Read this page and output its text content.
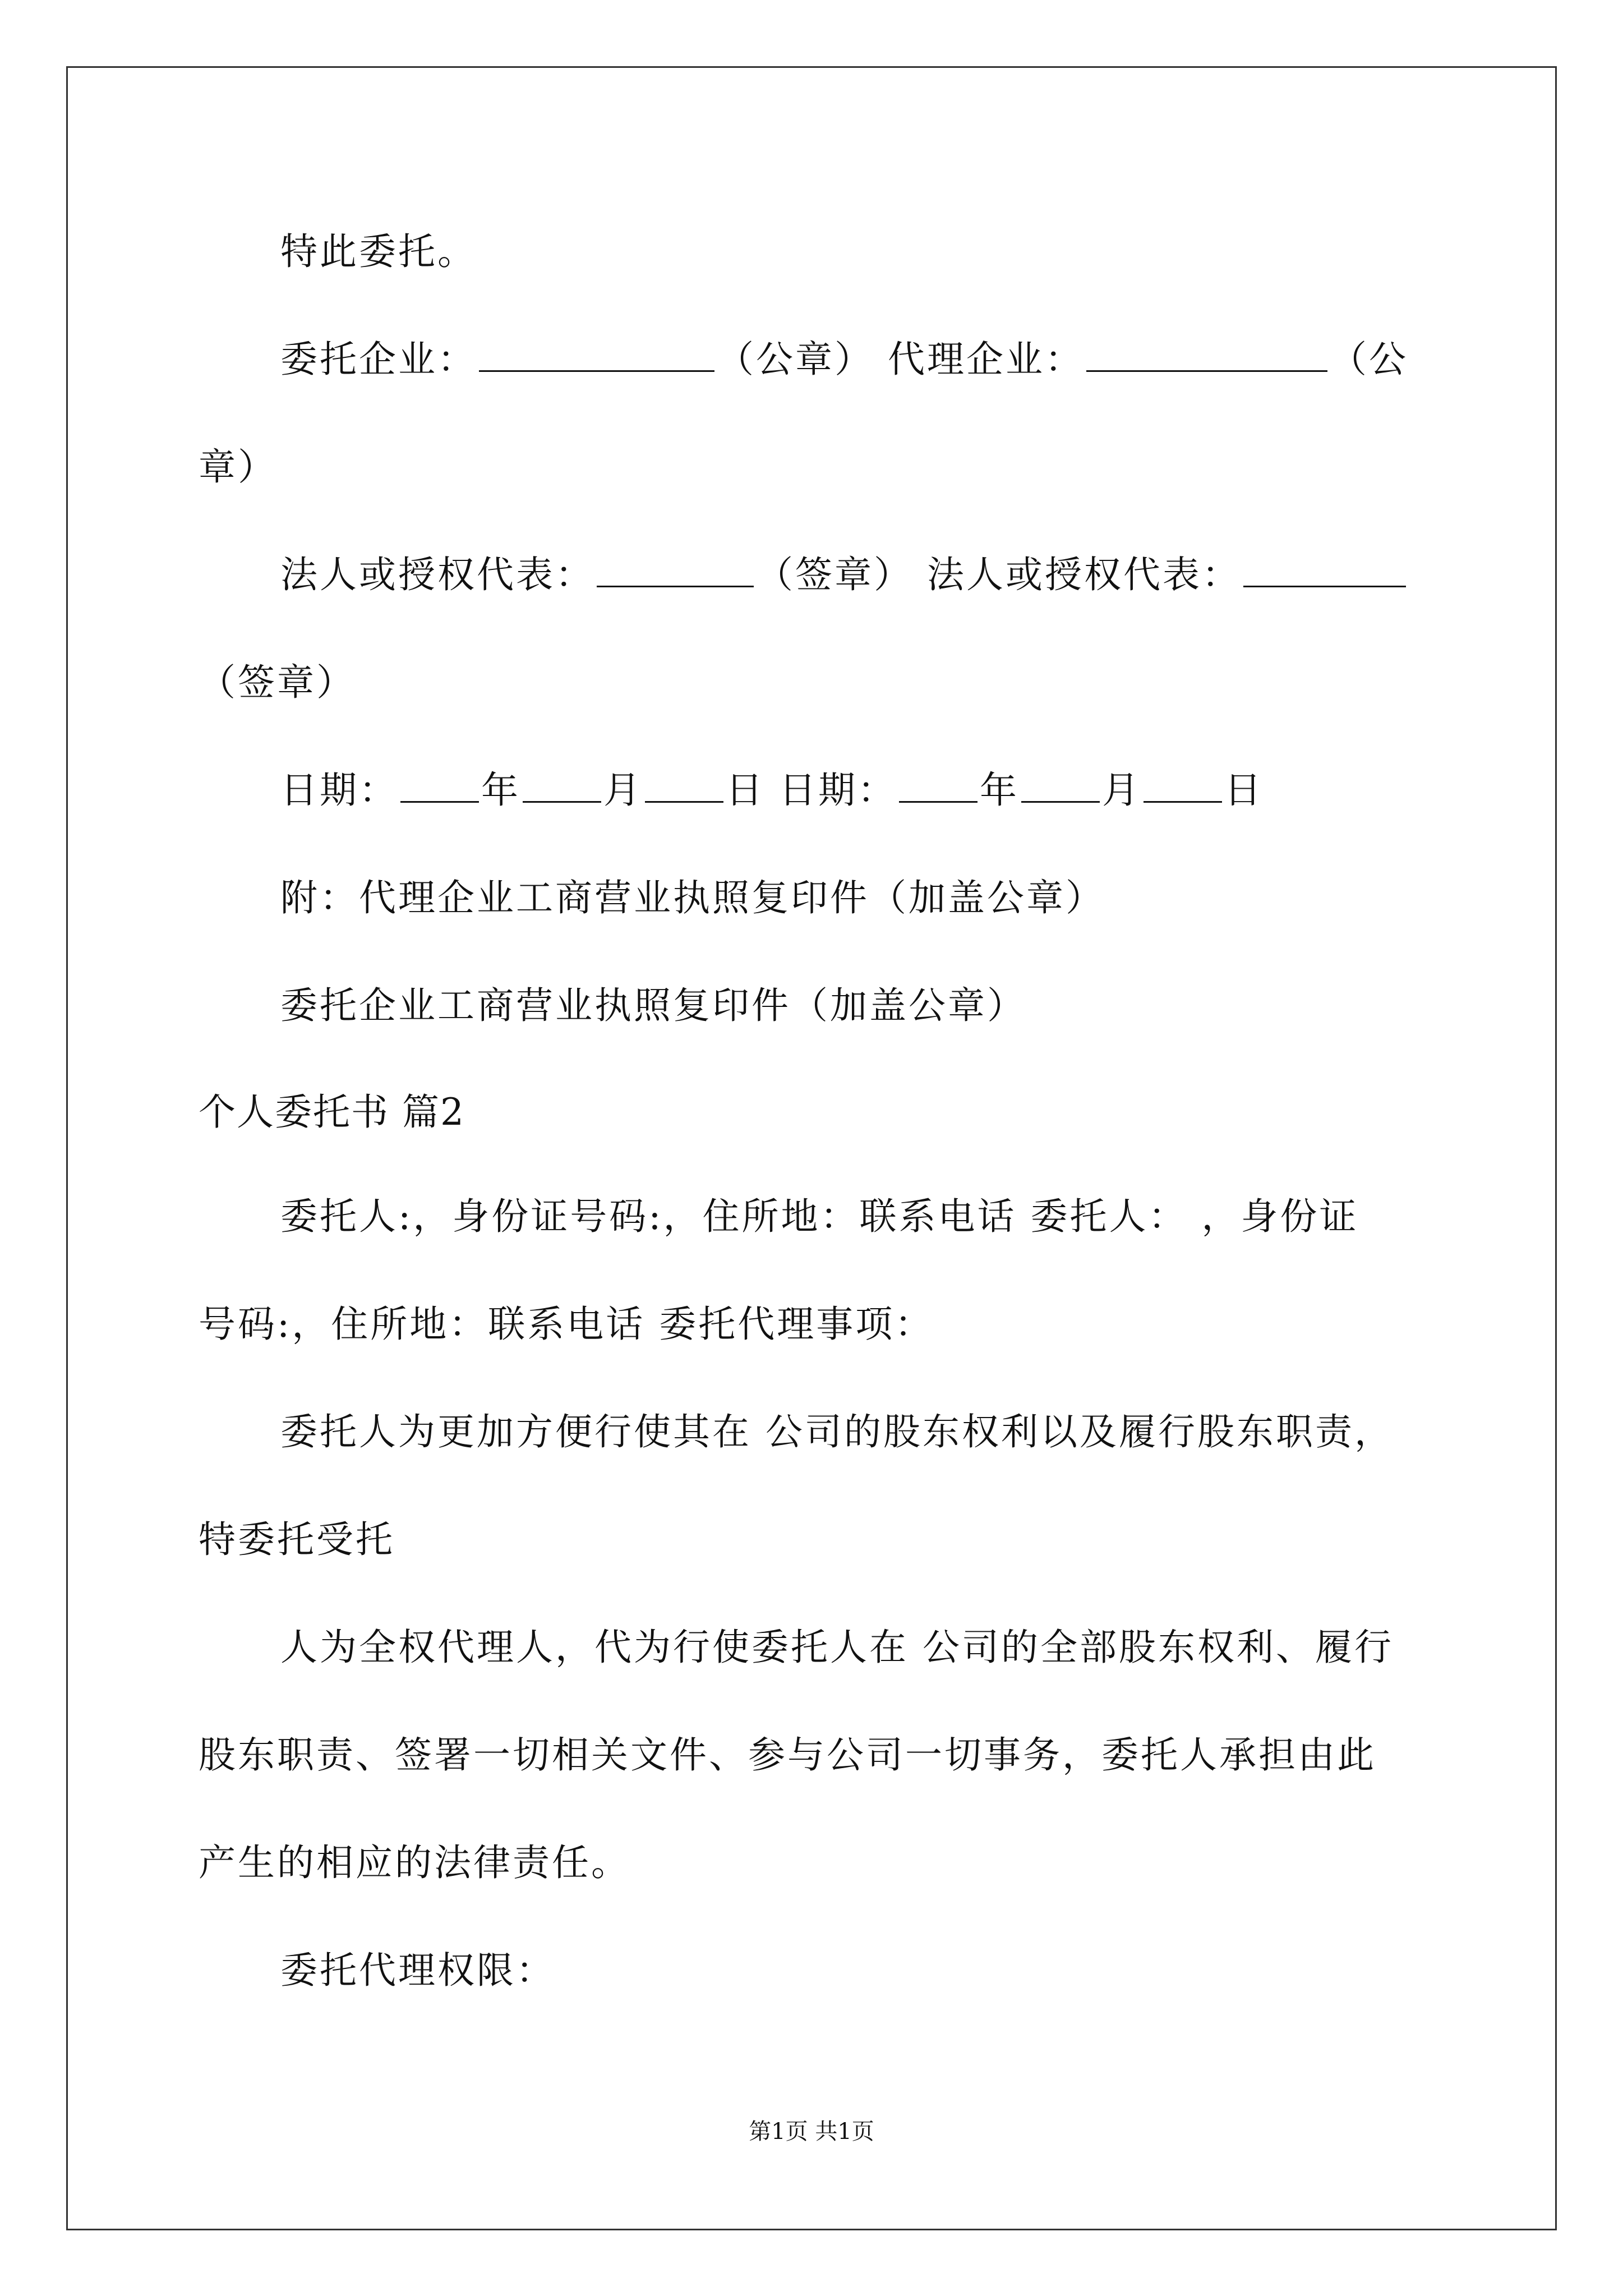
特此委托。
委托企业：	（公章） 代理企业：	（公
章）
法人或授权代表：	（签章） 法人或授权代表：
（签章）
日期： 年 月 日 日期： 年 月 日
附：代理企业工商营业执照复印件（加盖公章）
委托企业工商营业执照复印件（加盖公章）
个人委托书 篇2
委托人:，身份证号码:，住所地：联系电话 委托人： ，身份证
号码:，住所地：联系电话 委托代理事项：
委托人为更加方便行使其在 公司的股东权利以及履行股东职责，
特委托受托
人为全权代理人，代为行使委托人在 公司的全部股东权利、履行
股东职责、签署一切相关文件、参与公司一切事务，委托人承担由此
产生的相应的法律责任。
委托代理权限：
第1页 共1页
